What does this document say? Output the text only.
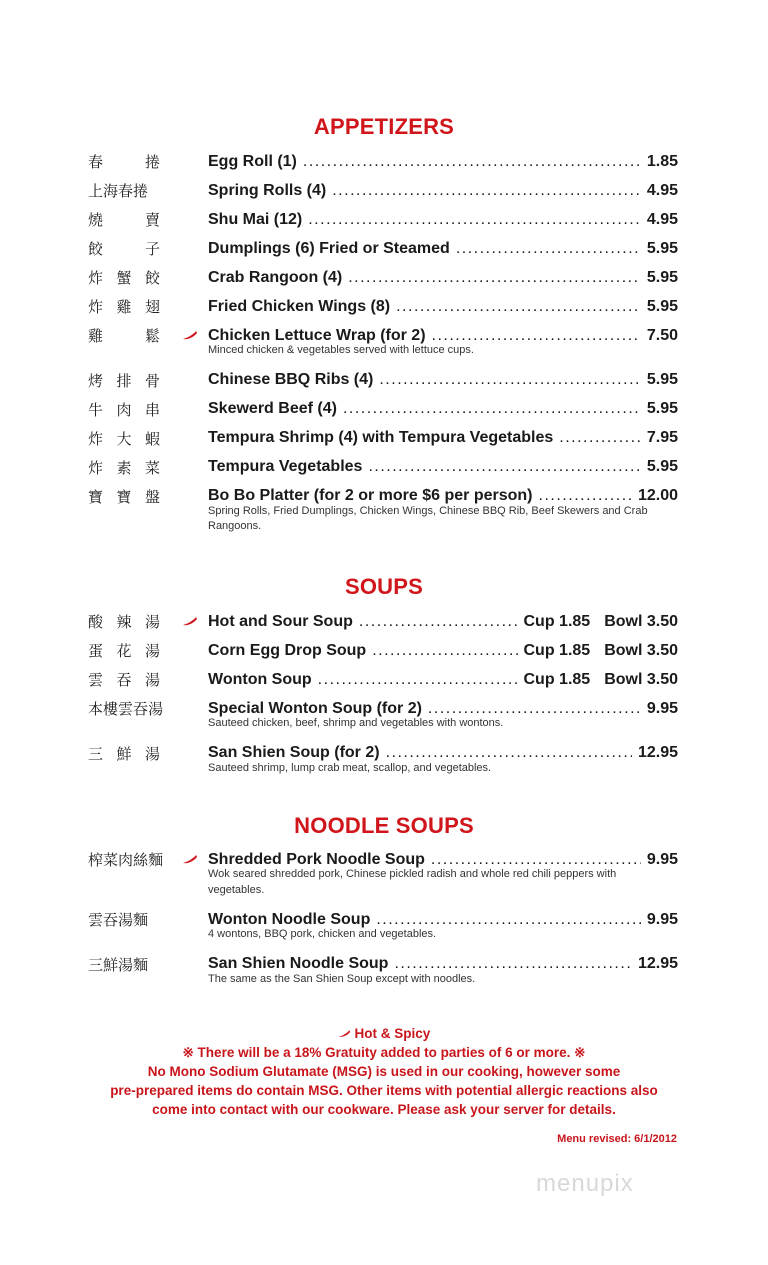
APPETIZERS
春	捲	Egg Roll (1) .....	1.85
上 海 春 捲	Spring Rolls (4) .....	4.95
燒	賣	Shu Mai (12) .....	4.95
餃	子	Dumplings (6) Fried or Steamed .....	5.95
炸 蟹 餃	Crab Rangoon (4) .....	5.95
炸 雞 翅	Fried Chicken Wings (8) .....	5.95
雞	鬆	Chicken Lettuce Wrap (for 2) .....	7.50
Minced chicken & vegetables served with lettuce cups.
烤 排 骨	Chinese BBQ Ribs (4) .....	5.95
牛 肉 串	Skewerd Beef (4) .....	5.95
炸 大 蝦	Tempura Shrimp (4) with Tempura Vegetables .....	7.95
炸 素 菜	Tempura Vegetables .....	5.95
寶 寶 盤	Bo Bo Platter (for 2 or more $6 per person) .....	12.00
Spring Rolls, Fried Dumplings, Chicken Wings, Chinese BBQ Rib, Beef Skewers and Crab Rangoons.
SOUPS
酸 辣 湯	Hot and Sour Soup .....	Cup 1.85 Bowl 3.50
蛋 花 湯	Corn Egg Drop Soup .....	Cup 1.85 Bowl 3.50
雲 吞 湯	Wonton Soup .....	Cup 1.85 Bowl 3.50
本 樓 雲 吞 湯	Special Wonton Soup (for 2) .....	9.95
Sauteed chicken, beef, shrimp and vegetables with wontons.
三 鮮 湯	San Shien Soup (for 2) .....	12.95
Sauteed shrimp, lump crab meat, scallop, and vegetables.
NOODLE SOUPS
榨 菜 肉 絲 麵	Shredded Pork Noodle Soup .....	9.95
Wok seared shredded pork, Chinese pickled radish and whole red chili peppers with vegetables.
雲 吞 湯 麵	Wonton Noodle Soup .....	9.95
4 wontons, BBQ pork, chicken and vegetables.
三 鮮 湯 麵	San Shien Noodle Soup .....	12.95
The same as the San Shien Soup except with noodles.
Hot & Spicy
※ There will be a 18% Gratuity added to parties of 6 or more. ※
No Mono Sodium Glutamate (MSG) is used in our cooking, however some
pre-prepared items do contain MSG. Other items with potential allergic reactions also
come into contact with our cookware. Please ask your server for details.
Menu revised: 6/1/2012
menupix
